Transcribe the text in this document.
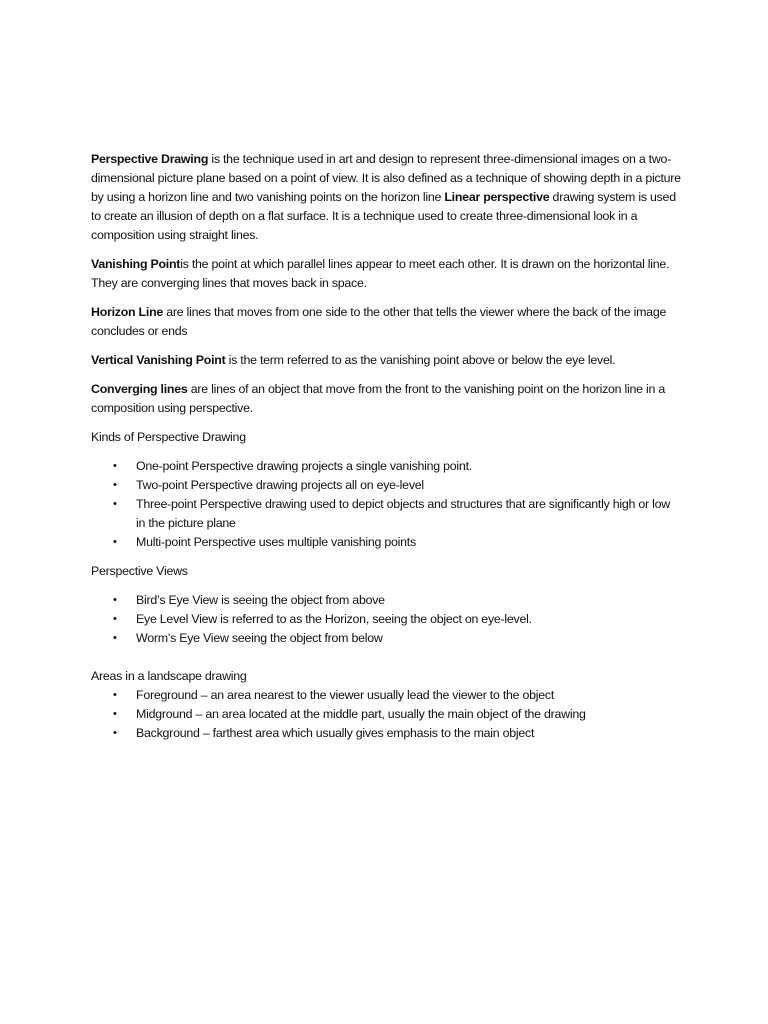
Perspective Drawing is the technique used in art and design to represent three-dimensional images on a two-dimensional picture plane based on a point of view. It is also defined as a technique of showing depth in a picture by using a horizon line and two vanishing points on the horizon line Linear perspective drawing system is used to create an illusion of depth on a flat surface. It is a technique used to create three-dimensional look in a composition using straight lines.

Vanishing Pointis the point at which parallel lines appear to meet each other. It is drawn on the horizontal line. They are converging lines that moves back in space.

Horizon Line are lines that moves from one side to the other that tells the viewer where the back of the image concludes or ends

Vertical Vanishing Point is the term referred to as the vanishing point above or below the eye level.

Converging lines are lines of an object that move from the front to the vanishing point on the horizon line in a composition using perspective.

Kinds of Perspective Drawing

• One-point Perspective drawing projects a single vanishing point.
• Two-point Perspective drawing projects all on eye-level
• Three-point Perspective drawing used to depict objects and structures that are significantly high or low in the picture plane
• Multi-point Perspective uses multiple vanishing points

Perspective Views

• Bird’s Eye View is seeing the object from above
• Eye Level View is referred to as the Horizon, seeing the object on eye-level.
• Worm’s Eye View seeing the object from below

Areas in a landscape drawing

• Foreground – an area nearest to the viewer usually lead the viewer to the object
• Midground – an area located at the middle part, usually the main object of the drawing
• Background – farthest area which usually gives emphasis to the main object
